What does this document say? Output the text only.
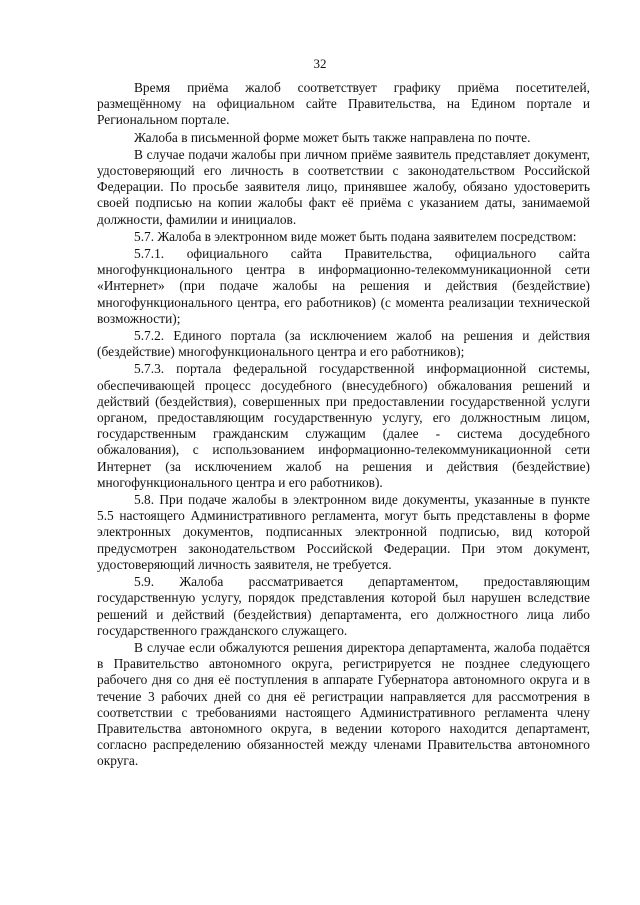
32

Время приёма жалоб соответствует графику приёма посетителей, размещённому на официальном сайте Правительства, на Едином портале и Региональном портале.

Жалоба в письменной форме может быть также направлена по почте.

В случае подачи жалобы при личном приёме заявитель представляет документ, удостоверяющий его личность в соответствии с законодательством Российской Федерации. По просьбе заявителя лицо, принявшее жалобу, обязано удостоверить своей подписью на копии жалобы факт её приёма с указанием даты, занимаемой должности, фамилии и инициалов.

5.7. Жалоба в электронном виде может быть подана заявителем посредством:

5.7.1. официального сайта Правительства, официального сайта многофункционального центра в информационно-телекоммуникационной сети «Интернет» (при подаче жалобы на решения и действия (бездействие) многофункционального центра, его работников) (с момента реализации технической возможности);

5.7.2. Единого портала (за исключением жалоб на решения и действия (бездействие) многофункционального центра и его работников);

5.7.3. портала федеральной государственной информационной системы, обеспечивающей процесс досудебного (внесудебного) обжалования решений и действий (бездействия), совершенных при предоставлении государственной услуги органом, предоставляющим государственную услугу, его должностным лицом, государственным гражданским служащим (далее - система досудебного обжалования), с использованием информационно-телекоммуникационной сети Интернет (за исключением жалоб на решения и действия (бездействие) многофункционального центра и его работников).

5.8. При подаче жалобы в электронном виде документы, указанные в пункте 5.5 настоящего Административного регламента, могут быть представлены в форме электронных документов, подписанных электронной подписью, вид которой предусмотрен законодательством Российской Федерации. При этом документ, удостоверяющий личность заявителя, не требуется.

5.9. Жалоба рассматривается департаментом, предоставляющим государственную услугу, порядок представления которой был нарушен вследствие решений и действий (бездействия) департамента, его должностного лица либо государственного гражданского служащего.

В случае если обжалуются решения директора департамента, жалоба подаётся в Правительство автономного округа, регистрируется не позднее следующего рабочего дня со дня её поступления в аппарате Губернатора автономного округа и в течение 3 рабочих дней со дня её регистрации направляется для рассмотрения в соответствии с требованиями настоящего Административного регламента члену Правительства автономного округа, в ведении которого находится департамент, согласно распределению обязанностей между членами Правительства автономного округа.
